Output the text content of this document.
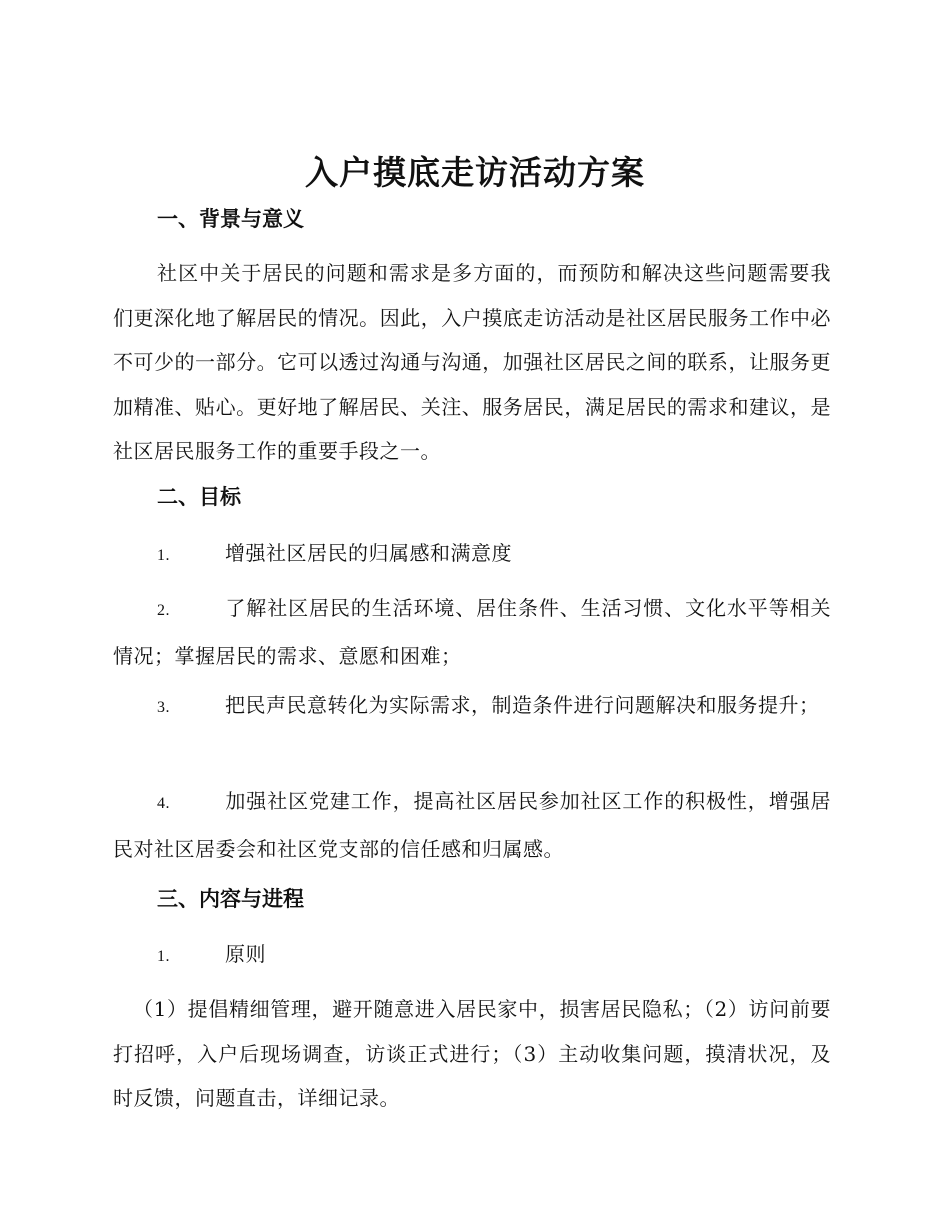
入户摸底走访活动方案
一、背景与意义
社区中关于居民的问题和需求是多方面的，而预防和解决这些问题需要我们更深化地了解居民的情况。因此，入户摸底走访活动是社区居民服务工作中必不可少的一部分。它可以透过沟通与沟通，加强社区居民之间的联系，让服务更加精准、贴心。更好地了解居民、关注、服务居民，满足居民的需求和建议，是社区居民服务工作的重要手段之一。
二、目标
1.	增强社区居民的归属感和满意度
2.	了解社区居民的生活环境、居住条件、生活习惯、文化水平等相关情况；掌握居民的需求、意愿和困难；
3.	把民声民意转化为实际需求，制造条件进行问题解决和服务提升；
4.	加强社区党建工作，提高社区居民参加社区工作的积极性，增强居民对社区居委会和社区党支部的信任感和归属感。
三、内容与进程
1.	原则
（1）提倡精细管理，避开随意进入居民家中，损害居民隐私；（2）访问前要打招呼，入户后现场调查，访谈正式进行；（3）主动收集问题，摸清状况，及时反馈，问题直击，详细记录。
